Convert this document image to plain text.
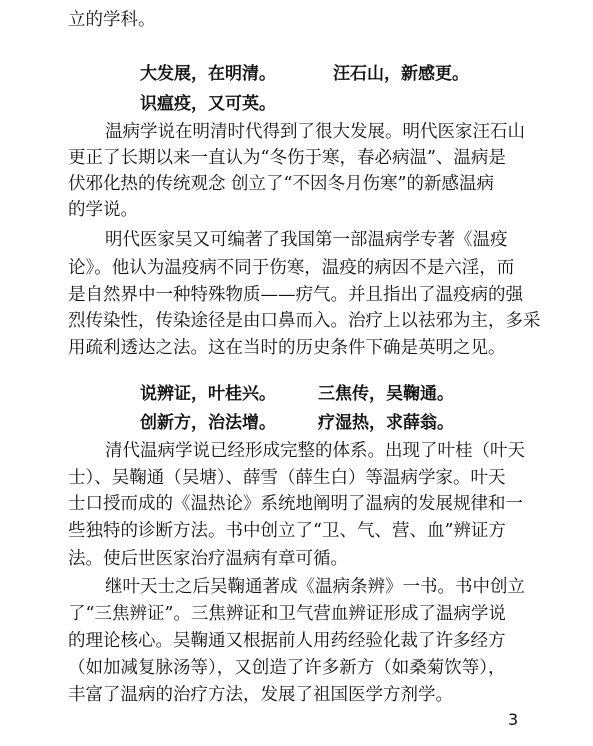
立的学科。
大发展，在明清。	汪石山，新感更。
识瘟疫，又可英。
温病学说在明清时代得到了很大发展。明代医家汪石山
更正了长期以来一直认为“冬伤于寒，春必病温”、温病是
伏邪化热的传统观念 创立了“不因冬月伤寒”的新感温病
的学说。
明代医家吴又可编著了我国第一部温病学专著《温疫
论》。他认为温疫病不同于伤寒，温疫的病因不是六淫，而
是自然界中一种特殊物质——疠气。并且指出了温疫病的强
烈传染性，传染途径是由口鼻而入。治疗上以祛邪为主，多采
用疏利透达之法。这在当时的历史条件下确是英明之见。
说辨证，叶桂兴。 三焦传，吴鞠通。
创新方，治法增。 疗湿热，求薛翁。
清代温病学说已经形成完整的体系。出现了叶桂（叶天
士）、吴鞠通（吴塘）、薛雪（薛生白）等温病学家。叶天
士口授而成的《温热论》系统地阐明了温病的发展规律和一
些独特的诊断方法。书中创立了“卫、气、营、血”辨证方
法。使后世医家治疗温病有章可循。
继叶天士之后吴鞠通著成《温病条辨》一书。书中创立
了“三焦辨证”。三焦辨证和卫气营血辨证形成了温病学说
的理论核心。吴鞠通又根据前人用药经验化裁了许多经方
（如加减复脉汤等），又创造了许多新方（如桑菊饮等），
丰富了温病的治疗方法，发展了祖国医学方剂学。
3
